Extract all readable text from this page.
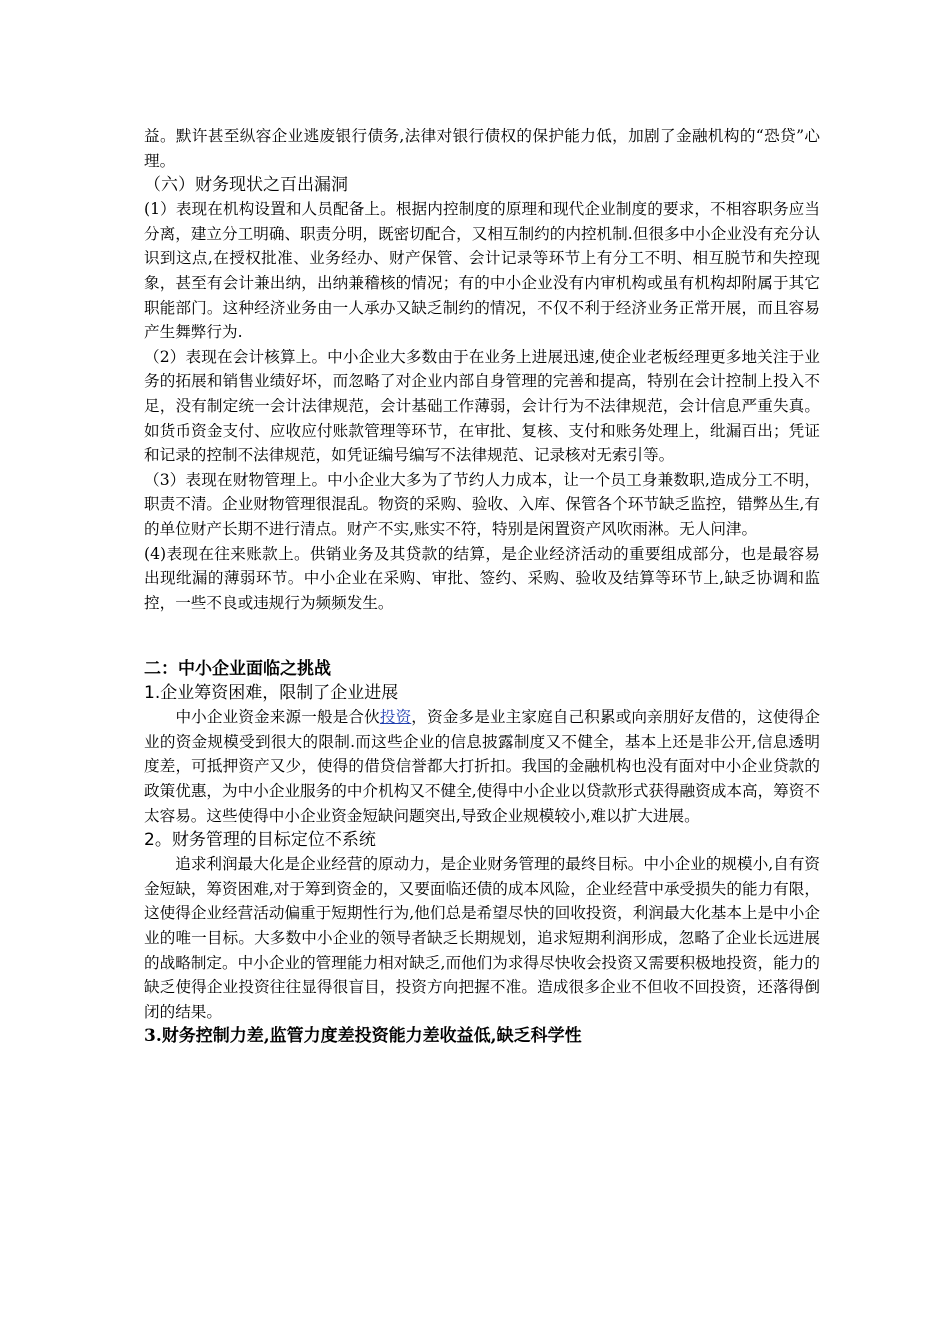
益。默许甚至纵容企业逃废银行债务,法律对银行债权的保护能力低，加剧了金融机构的“恐贷”心理。

（六）财务现状之百出漏洞

(1）表现在机构设置和人员配备上。根据内控制度的原理和现代企业制度的要求，不相容职务应当分离，建立分工明确、职责分明，既密切配合，又相互制约的内控机制.但很多中小企业没有充分认识到这点,在授权批准、业务经办、财产保管、会计记录等环节上有分工不明、相互脱节和失控现象，甚至有会计兼出纳，出纳兼稽核的情况；有的中小企业没有内审机构或虽有机构却附属于其它职能部门。这种经济业务由一人承办又缺乏制约的情况，不仅不利于经济业务正常开展，而且容易产生舞弊行为.

（2）表现在会计核算上。中小企业大多数由于在业务上进展迅速,使企业老板经理更多地关注于业务的拓展和销售业绩好坏，而忽略了对企业内部自身管理的完善和提高，特别在会计控制上投入不足，没有制定统一会计法律规范，会计基础工作薄弱，会计行为不法律规范，会计信息严重失真。如货币资金支付、应收应付账款管理等环节，在审批、复核、支付和账务处理上，纰漏百出；凭证和记录的控制不法律规范，如凭证编号编写不法律规范、记录核对无索引等。

（3）表现在财物管理上。中小企业大多为了节约人力成本，让一个员工身兼数职,造成分工不明，职责不清。企业财物管理很混乱。物资的采购、验收、入库、保管各个环节缺乏监控，错弊丛生,有的单位财产长期不进行清点。财产不实,账实不符，特别是闲置资产风吹雨淋。无人问津。

(4)表现在往来账款上。供销业务及其贷款的结算，是企业经济活动的重要组成部分，也是最容易出现纰漏的薄弱环节。中小企业在采购、审批、签约、采购、验收及结算等环节上,缺乏协调和监控，一些不良或违规行为频频发生。

二：中小企业面临之挑战
1.企业筹资困难，限制了企业进展

　　中小企业资金来源一般是合伙投资，资金多是业主家庭自己积累或向亲朋好友借的，这使得企业的资金规模受到很大的限制.而这些企业的信息披露制度又不健全，基本上还是非公开,信息透明度差，可抵押资产又少，使得的借贷信誉都大打折扣。我国的金融机构也没有面对中小企业贷款的政策优惠，为中小企业服务的中介机构又不健全,使得中小企业以贷款形式获得融资成本高，筹资不太容易。这些使得中小企业资金短缺问题突出,导致企业规模较小,难以扩大进展。

2。财务管理的目标定位不系统

　　追求利润最大化是企业经营的原动力，是企业财务管理的最终目标。中小企业的规模小,自有资金短缺，筹资困难,对于筹到资金的，又要面临还债的成本风险，企业经营中承受损失的能力有限，这使得企业经营活动偏重于短期性行为,他们总是希望尽快的回收投资，利润最大化基本上是中小企业的唯一目标。大多数中小企业的领导者缺乏长期规划，追求短期利润形成，忽略了企业长远进展的战略制定。中小企业的管理能力相对缺乏,而他们为求得尽快收会投资又需要积极地投资，能力的缺乏使得企业投资往往显得很盲目，投资方向把握不准。造成很多企业不但收不回投资，还落得倒闭的结果。

3.财务控制力差,监管力度差投资能力差收益低,缺乏科学性
